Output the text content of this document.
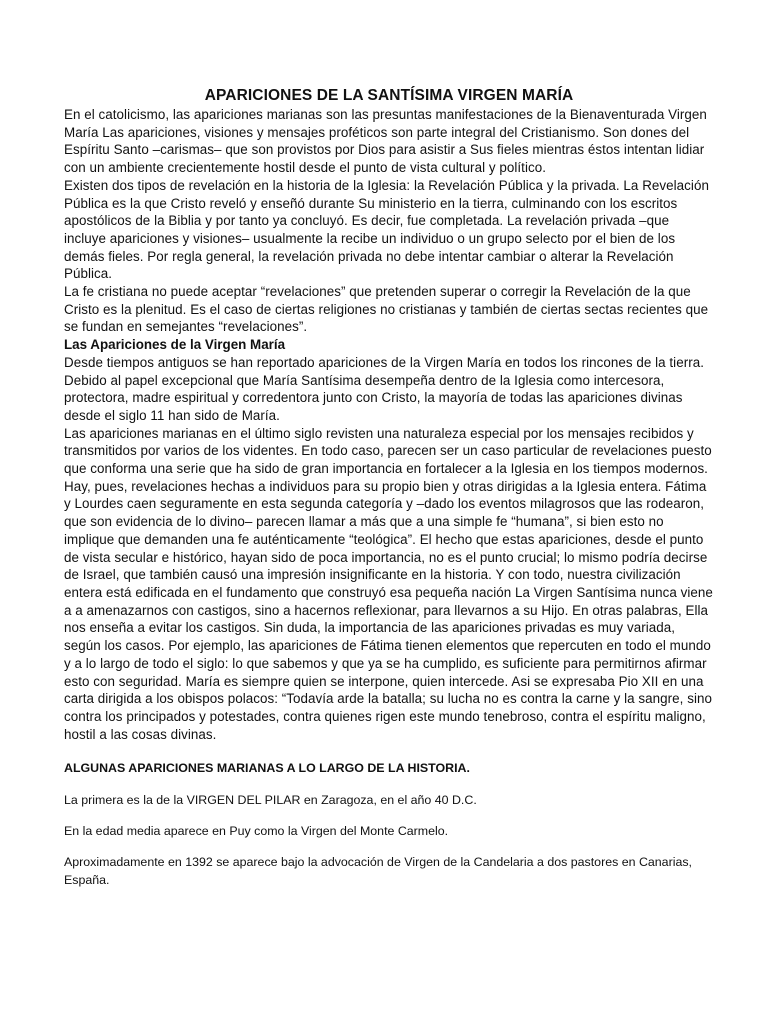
APARICIONES DE LA SANTÍSIMA VIRGEN MARÍA

En el catolicismo, las apariciones marianas son las presuntas manifestaciones de la Bienaventurada Virgen María Las apariciones, visiones y mensajes proféticos son parte integral del Cristianismo. Son dones del Espíritu Santo –carismas– que son provistos por Dios para asistir a Sus fieles mientras éstos intentan lidiar con un ambiente crecientemente hostil desde el punto de vista cultural y político.

Existen dos tipos de revelación en la historia de la Iglesia: la Revelación Pública y la privada. La Revelación Pública es la que Cristo reveló y enseñó durante Su ministerio en la tierra, culminando con los escritos apostólicos de la Biblia y por tanto ya concluyó. Es decir, fue completada. La revelación privada –que incluye apariciones y visiones– usualmente la recibe un individuo o un grupo selecto por el bien de los demás fieles. Por regla general, la revelación privada no debe intentar cambiar o alterar la Revelación Pública.

La fe cristiana no puede aceptar “revelaciones” que pretenden superar o corregir la Revelación de la que Cristo es la plenitud. Es el caso de ciertas religiones no cristianas y también de ciertas sectas recientes que se fundan en semejantes “revelaciones”.

Las Apariciones de la Virgen María

Desde tiempos antiguos se han reportado apariciones de la Virgen María en todos los rincones de la tierra. Debido al papel excepcional que María Santísima desempeña dentro de la Iglesia como intercesora, protectora, madre espiritual y corredentora junto con Cristo, la mayoría de todas las apariciones divinas desde el siglo 11 han sido de María.

Las apariciones marianas en el último siglo revisten una naturaleza especial por los mensajes recibidos y transmitidos por varios de los videntes. En todo caso, parecen ser un caso particular de revelaciones puesto que conforma una serie que ha sido de gran importancia en fortalecer a la Iglesia en los tiempos modernos.

Hay, pues, revelaciones hechas a individuos para su propio bien y otras dirigidas a la Iglesia entera. Fátima y Lourdes caen seguramente en esta segunda categoría y –dado los eventos milagrosos que las rodearon, que son evidencia de lo divino– parecen llamar a más que a una simple fe “humana”, si bien esto no implique que demanden una fe auténticamente “teológica”. El hecho que estas apariciones, desde el punto de vista secular e histórico, hayan sido de poca importancia, no es el punto crucial; lo mismo podría decirse de Israel, que también causó una impresión insignificante en la historia. Y con todo, nuestra civilización entera está edificada en el fundamento que construyó esa pequeña nación La Virgen Santísima nunca viene a a amenazarnos con castigos, sino a hacernos reflexionar, para llevarnos a su Hijo. En otras palabras, Ella nos enseña a evitar los castigos. Sin duda, la importancia de las apariciones privadas es muy variada, según los casos. Por ejemplo, las apariciones de Fátima tienen elementos que repercuten en todo el mundo y a lo largo de todo el siglo: lo que sabemos y que ya se ha cumplido, es suficiente para permitirnos afirmar esto con seguridad. María es siempre quien se interpone, quien intercede. Asi se expresaba Pio XII en una carta dirigida a los obispos polacos: “Todavía arde la batalla; su lucha no es contra la carne y la sangre, sino contra los principados y potestades, contra quienes rigen este mundo tenebroso, contra el espíritu maligno, hostil a las cosas divinas.

ALGUNAS APARICIONES MARIANAS A LO LARGO DE LA HISTORIA.

La primera es la de la VIRGEN DEL PILAR en Zaragoza, en el año 40 D.C.

En la edad media aparece en Puy como la Virgen del Monte Carmelo.

Aproximadamente en 1392 se aparece bajo la advocación de Virgen de la Candelaria a dos pastores en Canarias, España.
